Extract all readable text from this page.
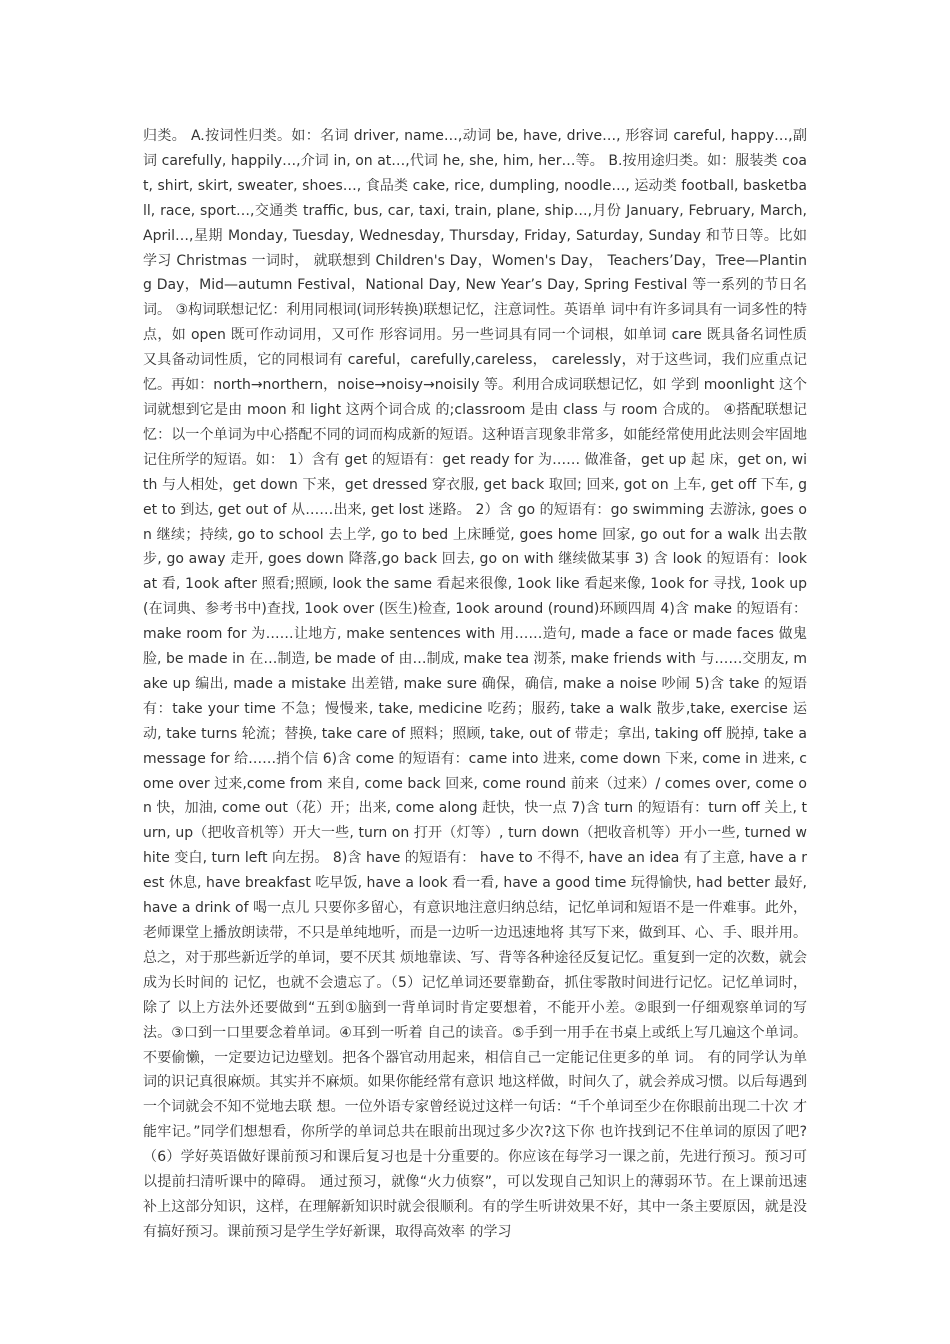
归类。 A.按词性归类。如：名词 driver, name…,动词 be, have, drive…, 形容词 careful, happy…,副词 carefully, happily…,介词 in, on at…,代词 he, she, him, her…等。 B.按用途归类。如：服装类 coat, shirt, skirt, sweater, shoes…, 食品类 cake, rice, dumpling, noodle…, 运动类 football, basketball, race, sport…,交通类 traffic, bus, car, taxi, train, plane, ship…,月份 January, February, March, April…,星期 Monday, Tuesday, Wednesday, Thursday, Friday, Saturday, Sunday 和节日等。比如学习 Christmas 一词时， 就联想到 Children's Day，Women's Day， Teachers’Day，Tree—Planting Day，Mid—autumn Festival，National Day, New Year’s Day, Spring Festival 等一系列的节日名词。 ③构词联想记忆：利用同根词(词形转换)联想记忆，注意词性。英语单 词中有许多词具有一词多性的特点，如 open 既可作动词用，又可作 形容词用。另一些词具有同一个词根，如单词 care 既具备名词性质 又具备动词性质，它的同根词有 careful，carefully,careless， carelessly，对于这些词，我们应重点记忆。再如：north→northern，noise→noisy→noisily 等。利用合成词联想记忆，如 学到 moonlight 这个词就想到它是由 moon 和 light 这两个词合成 的;classroom 是由 class 与 room 合成的。 ④搭配联想记忆：以一个单词为中心搭配不同的词而构成新的短语。这种语言现象非常多，如能经常使用此法则会牢固地记住所学的短语。如： 1）含有 get 的短语有：get ready for 为…… 做准备，get up 起 床，get on, with 与人相处，get down 下来，get dressed 穿衣服, get back 取回; 回来, got on 上车, get off 下车, get to 到达, get out of 从……出来, get lost 迷路。 2）含 go 的短语有：go swimming 去游泳, goes on 继续；持续, go to school 去上学, go to bed 上床睡觉, goes home 回家, go out for a walk 出去散步, go away 走开, goes down 降落,go back 回去, go on with 继续做某事 3) 含 look 的短语有：look at 看, 1ook after 照看;照顾, look the same 看起来很像, 1ook like 看起来像, 1ook for 寻找, 1ook up(在词典、参考书中)查找, 1ook over (医生)检查, 1ook around (round)环顾四周 4)含 make 的短语有：make room for 为……让地方, make sentences with 用……造句, made a face or made faces 做鬼脸, be made in 在…制造, be made of 由…制成, make tea 沏茶, make friends with 与……交朋友, make up 编出, made a mistake 出差错, make sure 确保，确信, make a noise 吵闹 5)含 take 的短语有：take your time 不急；慢慢来, take, medicine 吃药；服药, take a walk 散步,take, exercise 运动, take turns 轮流；替换, take care of 照料；照顾, take, out of 带走；拿出, taking off 脱掉, take a message for 给……捎个信 6)含 come 的短语有：came into 进来, come down 下来, come in 进来, come over 过来,come from 来自, come back 回来, come round 前来（过来）/ comes over, come on 快，加油, come out（花）开；出来, come along 赶快，快一点 7)含 turn 的短语有：turn off 关上, turn, up（把收音机等）开大一些, turn on 打开（灯等）, turn down（把收音机等）开小一些, turned white 变白, turn left 向左拐。 8)含 have 的短语有： have to 不得不, have an idea 有了主意, have a rest 休息, have breakfast 吃早饭, have a look 看一看, have a good time 玩得愉快, had better 最好,have a drink of 喝一点儿 只要你多留心，有意识地注意归纳总结，记忆单词和短语不是一件难事。此外，老师课堂上播放朗读带，不只是单纯地听，而是一边听一边迅速地将 其写下来，做到耳、心、手、眼并用。总之，对于那些新近学的单词，要不厌其 烦地靠读、写、背等各种途径反复记忆。重复到一定的次数，就会成为长时间的 记忆，也就不会遗忘了。（5）记忆单词还要靠勤奋，抓住零散时间进行记忆。记忆单词时，除了 以上方法外还要做到“五到①脑到一背单词时肯定要想着，不能开小差。②眼到一仔细观察单词的写法。③口到一口里要念着单词。④耳到一听着 自己的读音。⑤手到一用手在书桌上或纸上写几遍这个单词。不要偷懒，一定要边记边壁划。把各个器官动用起来，相信自己一定能记住更多的单 词。 有的同学认为单词的识记真很麻烦。其实并不麻烦。如果你能经常有意识 地这样做，时间久了，就会养成习惯。以后每遇到一个词就会不知不觉地去联 想。一位外语专家曾经说过这样一句话：“千个单词至少在你眼前出现二十次 才能牢记。”同学们想想看，你所学的单词总共在眼前出现过多少次?这下你 也许找到记不住单词的原因了吧?（6）学好英语做好课前预习和课后复习也是十分重要的。你应该在每学习一课之前，先进行预习。预习可以提前扫清听课中的障碍。 通过预习，就像“火力侦察”，可以发现自己知识上的薄弱环节。在上课前迅速 补上这部分知识，这样，在理解新知识时就会很顺利。有的学生听讲效果不好，其中一条主要原因，就是没有搞好预习。课前预习是学生学好新课，取得高效率 的学习
